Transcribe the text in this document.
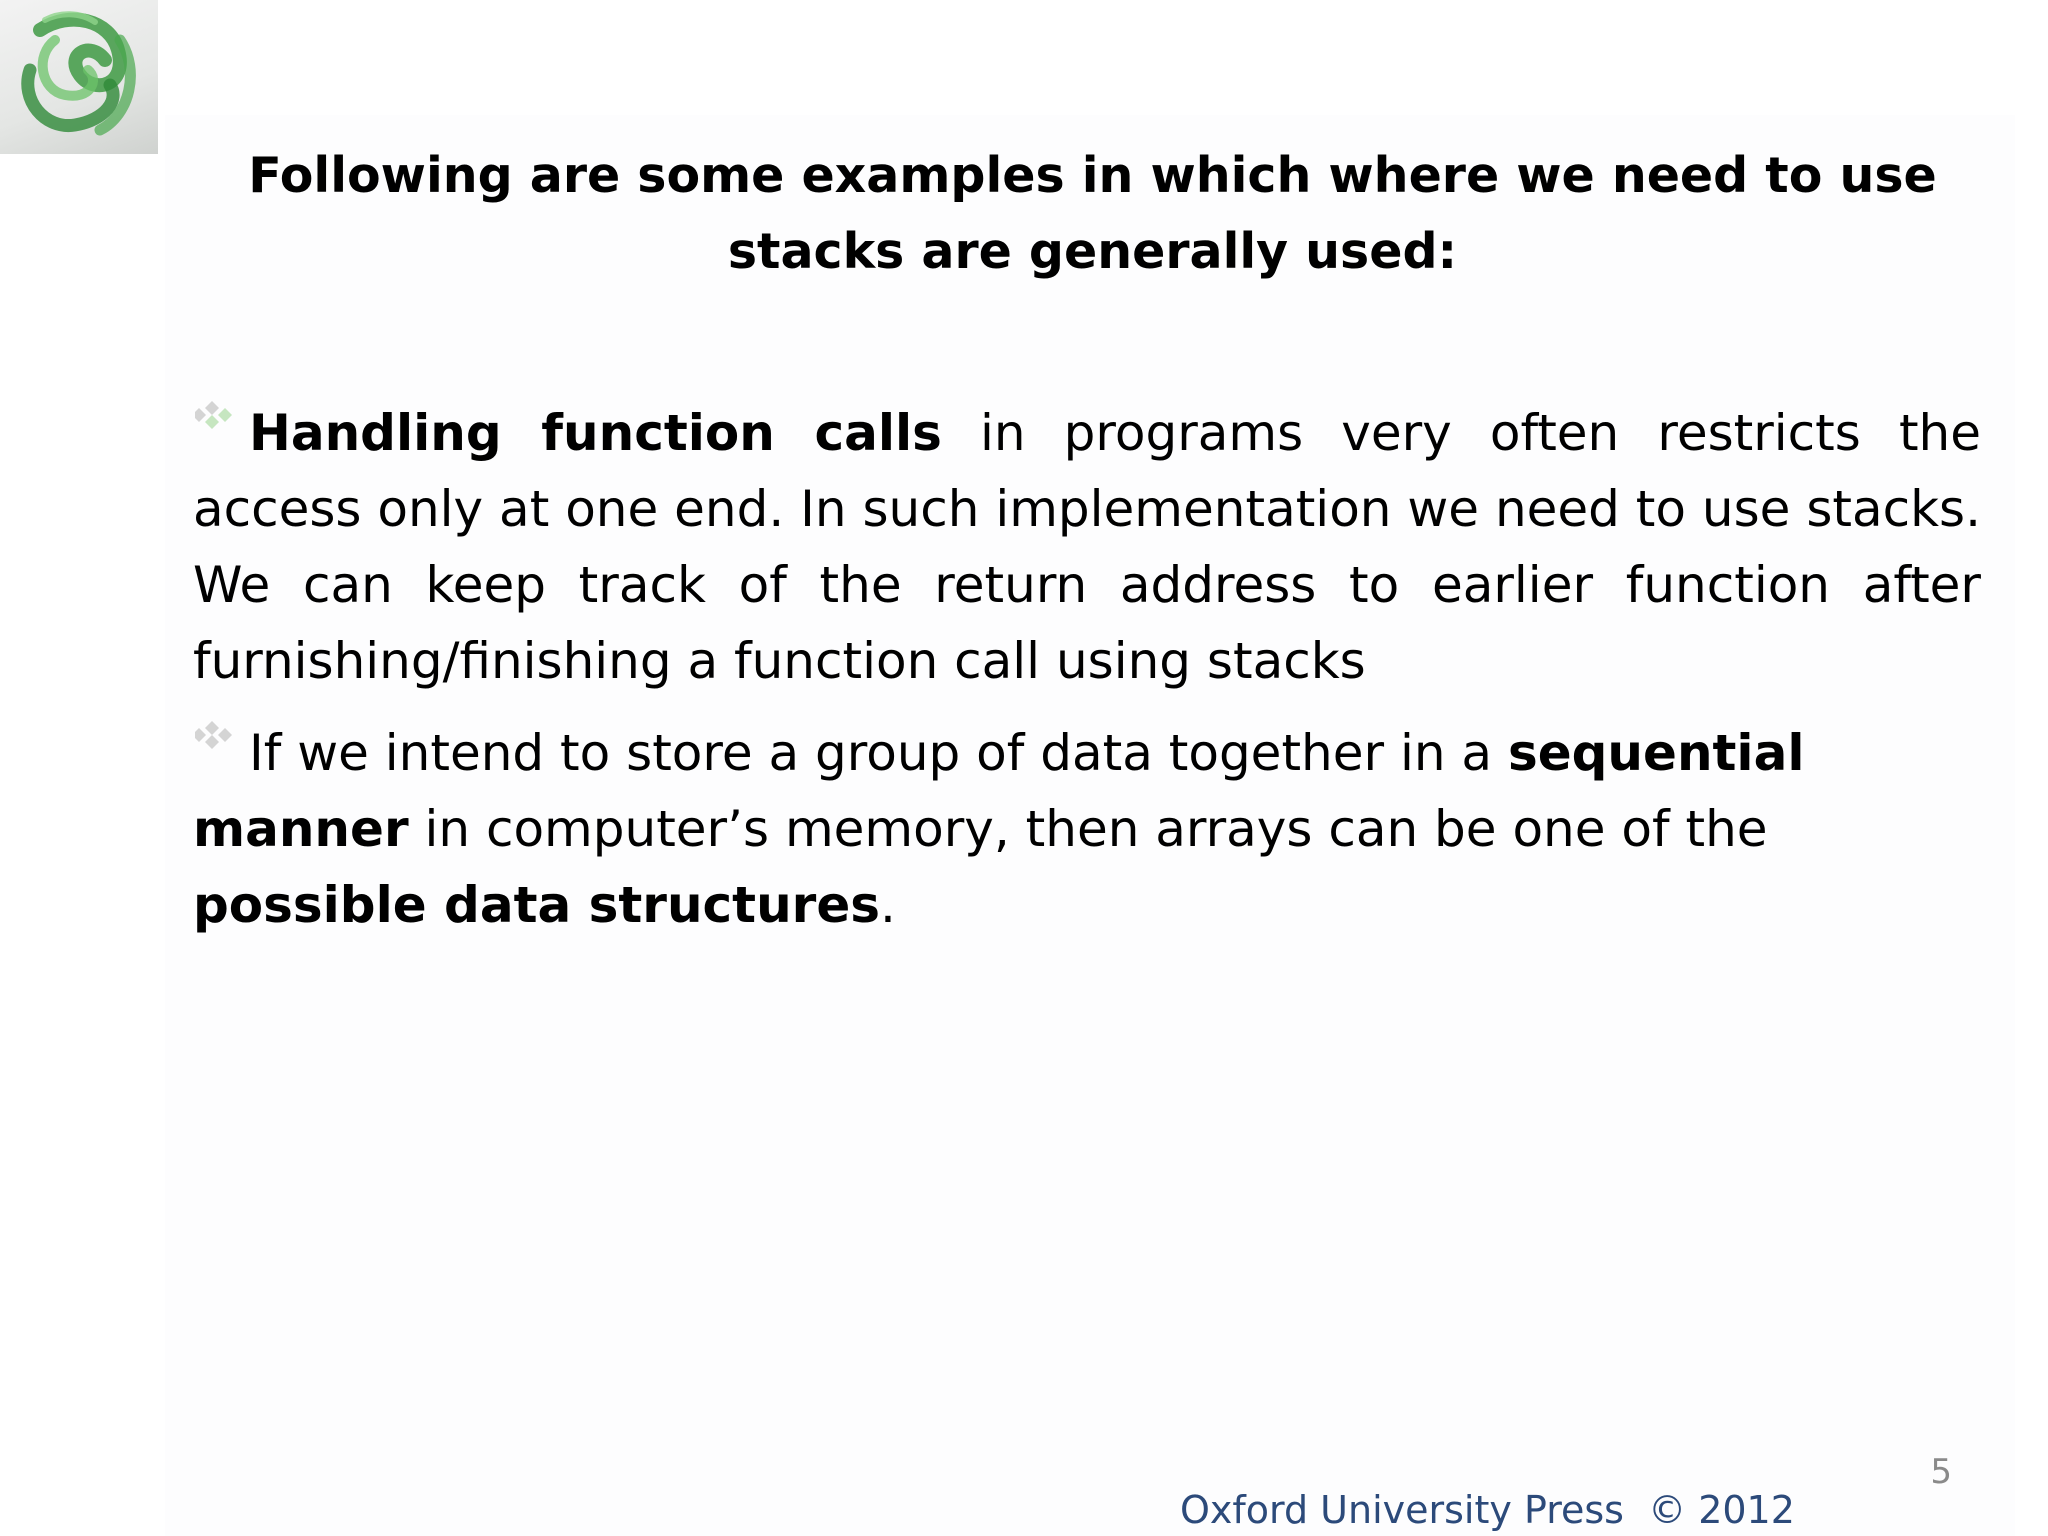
Following are some examples in which where we need to use stacks are generally used:

Handling function calls in programs very often restricts the access only at one end. In such implementation we need to use stacks. We can keep track of the return address to earlier function after furnishing/finishing a function call using stacks

If we intend to store a group of data together in a sequential manner in computer’s memory, then arrays can be one of the possible data structures.

5
Oxford University Press  © 2012
